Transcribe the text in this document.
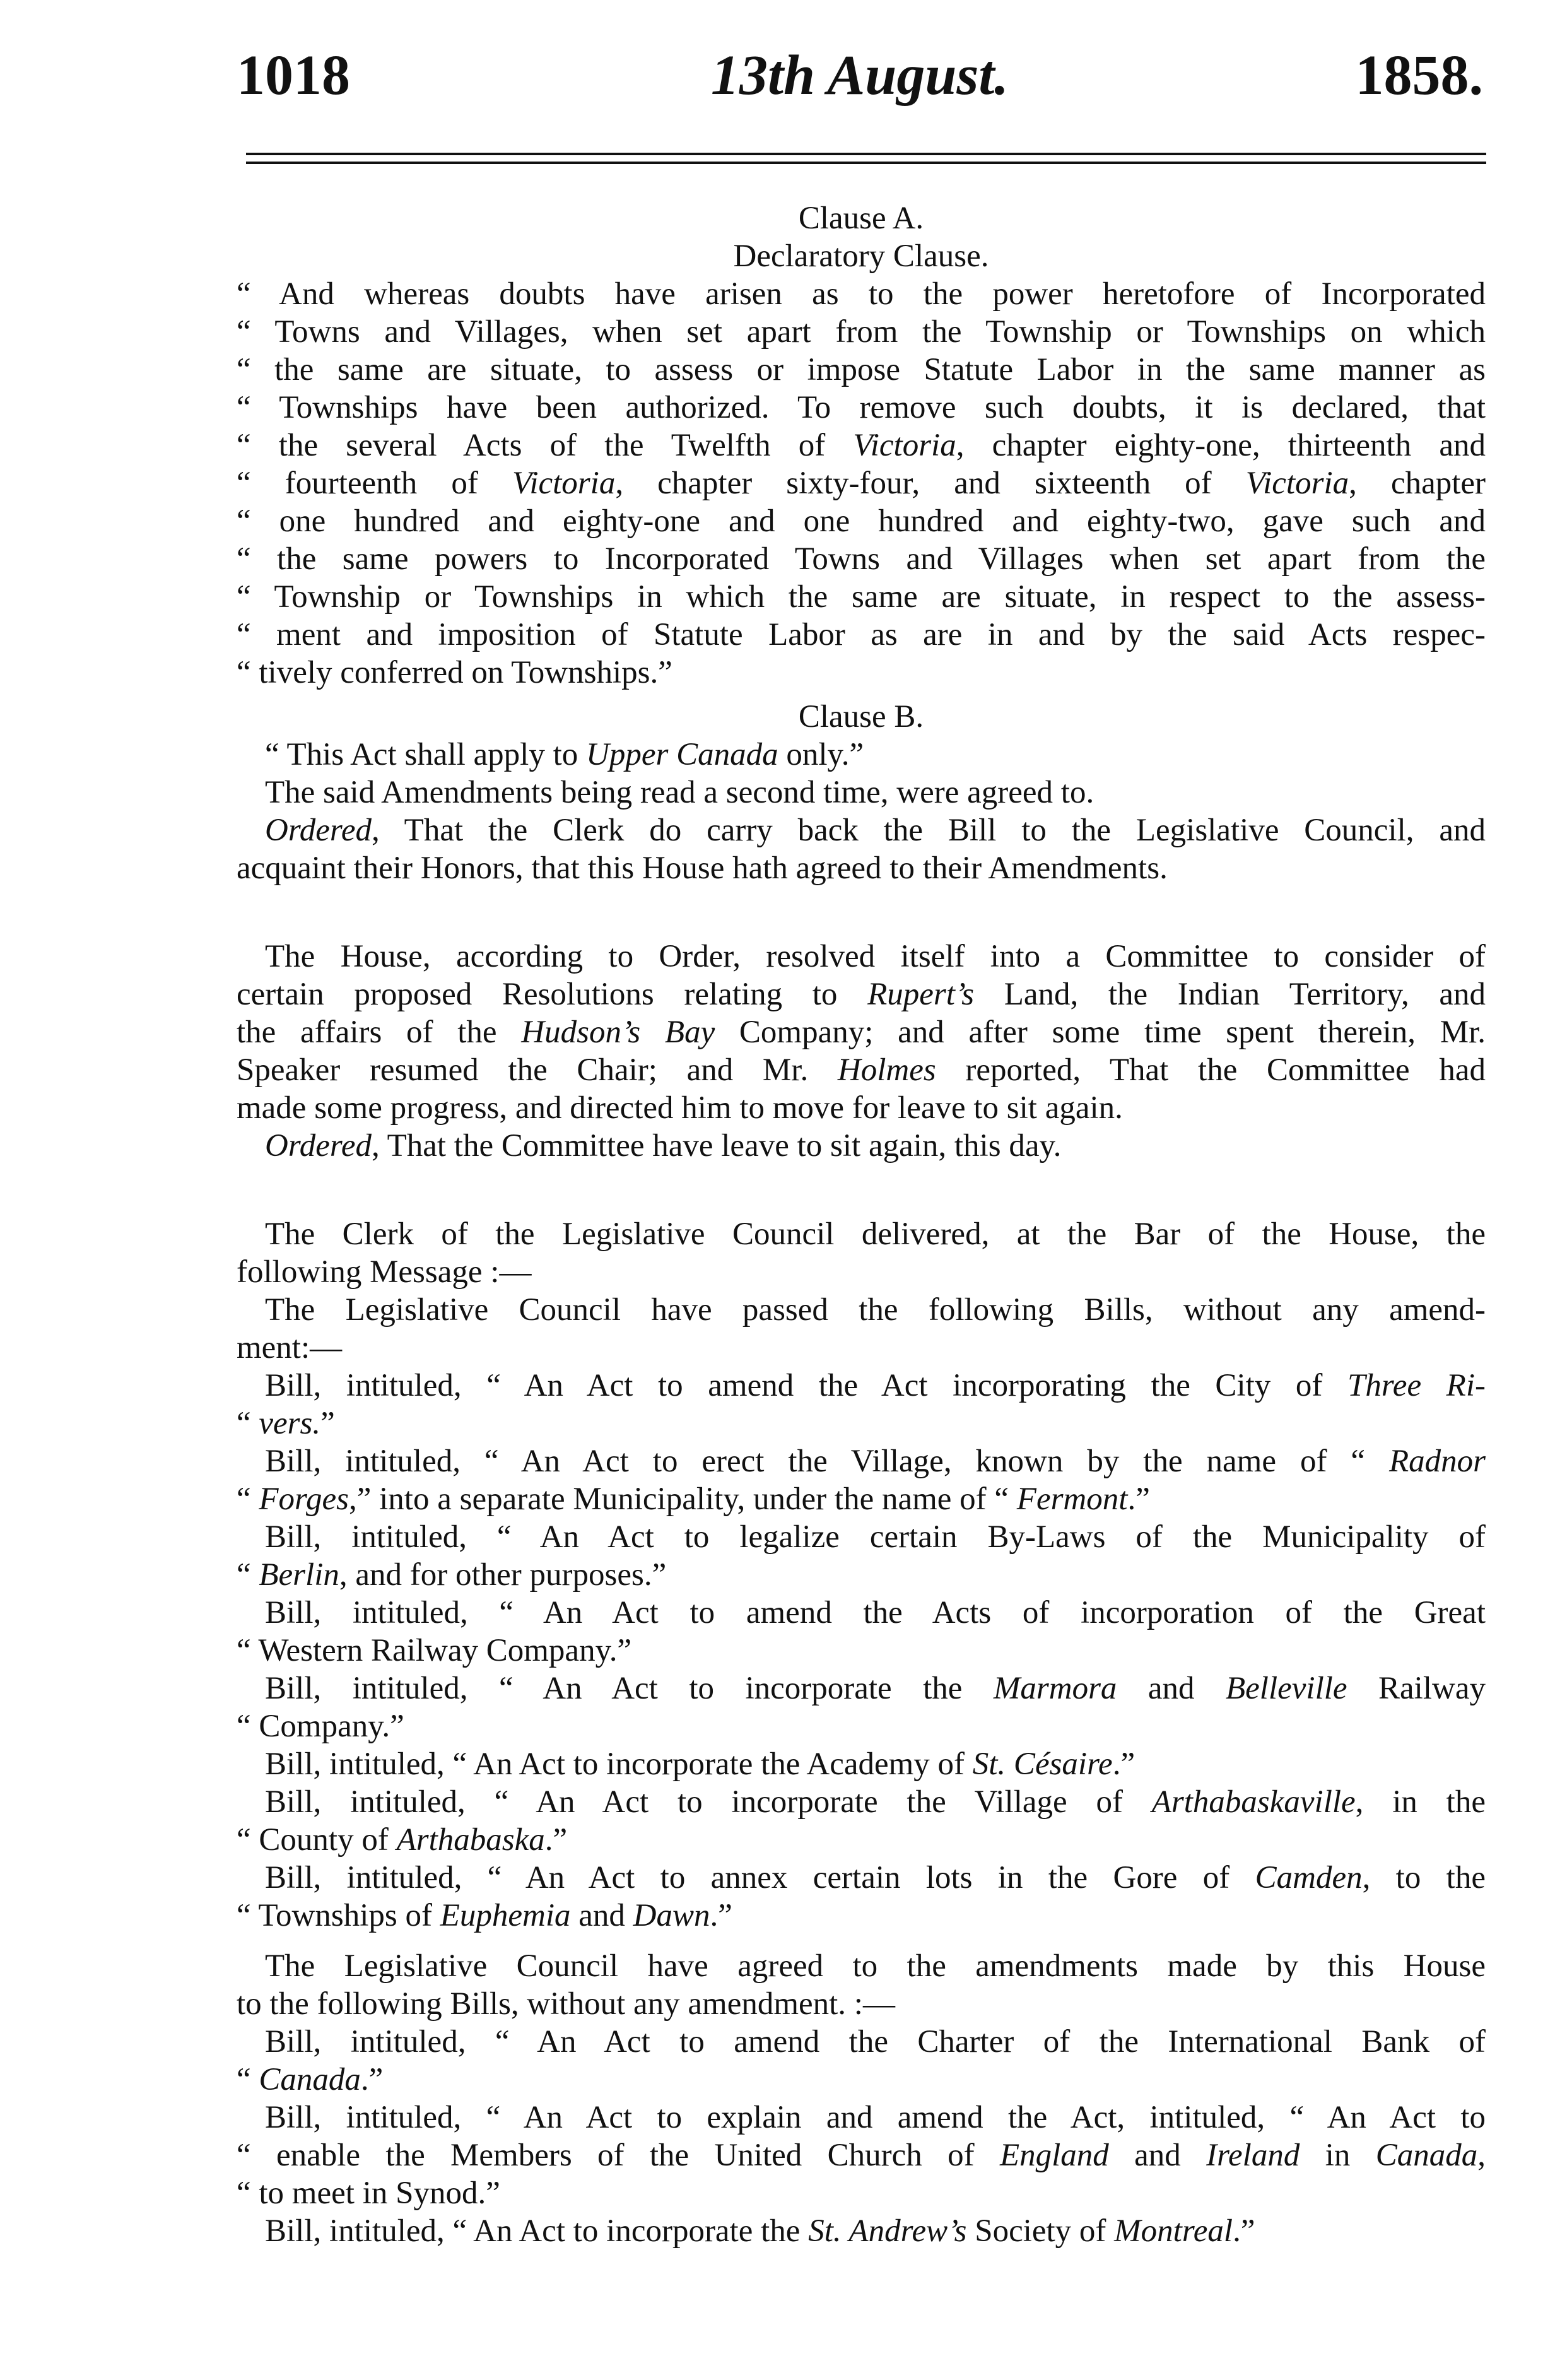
1018	13th August.	1858.
Clause A.
Declaratory Clause.
“ And whereas doubts have arisen as to the power heretofore of Incorporated
“ Towns and Villages, when set apart from the Township or Townships on which
“ the same are situate, to assess or impose Statute Labor in the same manner as
“ Townships have been authorized. To remove such doubts, it is declared, that
“ the several Acts of the Twelfth of Victoria, chapter eighty-one, thirteenth and
“ fourteenth of Victoria, chapter sixty-four, and sixteenth of Victoria, chapter
“ one hundred and eighty-one and one hundred and eighty-two, gave such and
“ the same powers to Incorporated Towns and Villages when set apart from the
“ Township or Townships in which the same are situate, in respect to the assess-
“ ment and imposition of Statute Labor as are in and by the said Acts respec-
“ tively conferred on Townships.”
Clause B.
“ This Act shall apply to Upper Canada only.”
The said Amendments being read a second time, were agreed to.
Ordered, That the Clerk do carry back the Bill to the Legislative Council, and
acquaint their Honors, that this House hath agreed to their Amendments.
The House, according to Order, resolved itself into a Committee to consider of
certain proposed Resolutions relating to Rupert’s Land, the Indian Territory, and
the affairs of the Hudson’s Bay Company; and after some time spent therein, Mr.
Speaker resumed the Chair; and Mr. Holmes reported, That the Committee had
made some progress, and directed him to move for leave to sit again.
Ordered, That the Committee have leave to sit again, this day.
The Clerk of the Legislative Council delivered, at the Bar of the House, the
following Message :—
The Legislative Council have passed the following Bills, without any amend-
ment:—
Bill, intituled, “ An Act to amend the Act incorporating the City of Three Ri-
“ vers.”
Bill, intituled, “ An Act to erect the Village, known by the name of “ Radnor
“ Forges,” into a separate Municipality, under the name of “ Fermont.”
Bill, intituled, “ An Act to legalize certain By-Laws of the Municipality of
“ Berlin, and for other purposes.”
Bill, intituled, “ An Act to amend the Acts of incorporation of the Great
“ Western Railway Company.”
Bill, intituled, “ An Act to incorporate the Marmora and Belleville Railway
“ Company.”
Bill, intituled, “ An Act to incorporate the Academy of St. Césaire.”
Bill, intituled, “ An Act to incorporate the Village of Arthabaskaville, in the
“ County of Arthabaska.”
Bill, intituled, “ An Act to annex certain lots in the Gore of Camden, to the
“ Townships of Euphemia and Dawn.”
The Legislative Council have agreed to the amendments made by this House
to the following Bills, without any amendment. :—
Bill, intituled, “ An Act to amend the Charter of the International Bank of
“ Canada.”
Bill, intituled, “ An Act to explain and amend the Act, intituled, “ An Act to
“ enable the Members of the United Church of England and Ireland in Canada,
“ to meet in Synod.”
Bill, intituled, “ An Act to incorporate the St. Andrew’s Society of Montreal.”
